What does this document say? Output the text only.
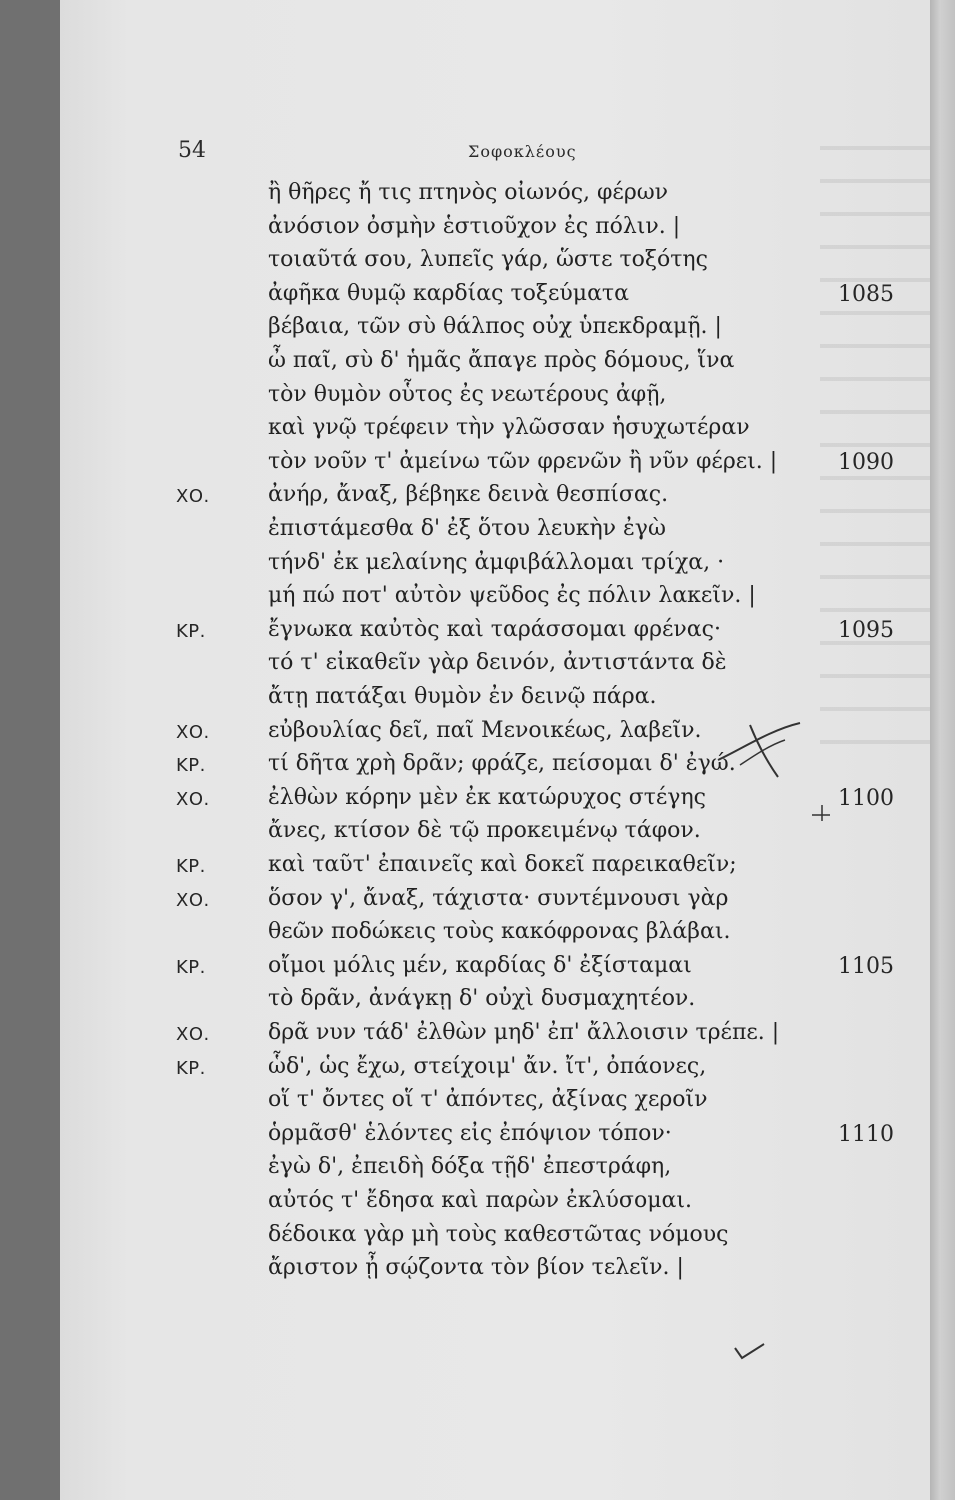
54	Σοφοκλέους
ἢ θῆρες ἤ τις πτηνὸς οἰωνός, φέρων
ἀνόσιον ὀσμὴν ἑστιοῦχον ἐς πόλιν. |
τοιαῦτά σου, λυπεῖς γάρ, ὥστε τοξότης
ἀφῆκα θυμῷ καρδίας τοξεύματα	1085
βέβαια, τῶν σὺ θάλπος οὐχ ὑπεκδραμῇ. |
ὦ παῖ, σὺ δ' ἡμᾶς ἄπαγε πρὸς δόμους, ἵνα
τὸν θυμὸν οὗτος ἐς νεωτέρους ἀφῇ,
καὶ γνῷ τρέφειν τὴν γλῶσσαν ἡσυχωτέραν
τὸν νοῦν τ' ἀμείνω τῶν φρενῶν ἢ νῦν φέρει. |	1090
ΧΟ.	ἀνήρ, ἄναξ, βέβηκε δεινὰ θεσπίσας.
ἐπιστάμεσθα δ' ἐξ ὅτου λευκὴν ἐγὼ
τήνδ' ἐκ μελαίνης ἀμφιβάλλομαι τρίχα, ·
μή πώ ποτ' αὐτὸν ψεῦδος ἐς πόλιν λακεῖν. |
ΚΡ.	ἔγνωκα καὐτὸς καὶ ταράσσομαι φρένας·	1095
τό τ' εἰκαθεῖν γὰρ δεινόν, ἀντιστάντα δὲ
ἄτῃ πατάξαι θυμὸν ἐν δεινῷ πάρα.
ΧΟ.	εὐβουλίας δεῖ, παῖ Μενοικέως, λαβεῖν.
ΚΡ.	τί δῆτα χρὴ δρᾶν; φράζε, πείσομαι δ' ἐγώ.
ΧΟ.	ἐλθὼν κόρην μὲν ἐκ κατώρυχος στέγης	1100
ἄνες, κτίσον δὲ τῷ προκειμένῳ τάφον.
ΚΡ.	καὶ ταῦτ' ἐπαινεῖς καὶ δοκεῖ παρεικαθεῖν;
ΧΟ.	ὅσον γ', ἄναξ, τάχιστα· συντέμνουσι γὰρ
θεῶν ποδώκεις τοὺς κακόφρονας βλάβαι.
ΚΡ.	οἴμοι μόλις μέν, καρδίας δ' ἐξίσταμαι	1105
τὸ δρᾶν, ἀνάγκῃ δ' οὐχὶ δυσμαχητέον.
ΧΟ.	δρᾶ νυν τάδ' ἐλθὼν μηδ' ἐπ' ἄλλοισιν τρέπε. |
ΚΡ.	ὧδ', ὡς ἔχω, στείχοιμ' ἄν. ἴτ', ὀπάονες,
οἵ τ' ὄντες οἵ τ' ἀπόντες, ἀξίνας χεροῖν
ὁρμᾶσθ' ἑλόντες εἰς ἐπόψιον τόπον·	1110
ἐγὼ δ', ἐπειδὴ δόξα τῇδ' ἐπεστράφη,
αὐτός τ' ἔδησα καὶ παρὼν ἐκλύσομαι.
δέδοικα γὰρ μὴ τοὺς καθεστῶτας νόμους
ἄριστον ᾖ σῴζοντα τὸν βίον τελεῖν. |
